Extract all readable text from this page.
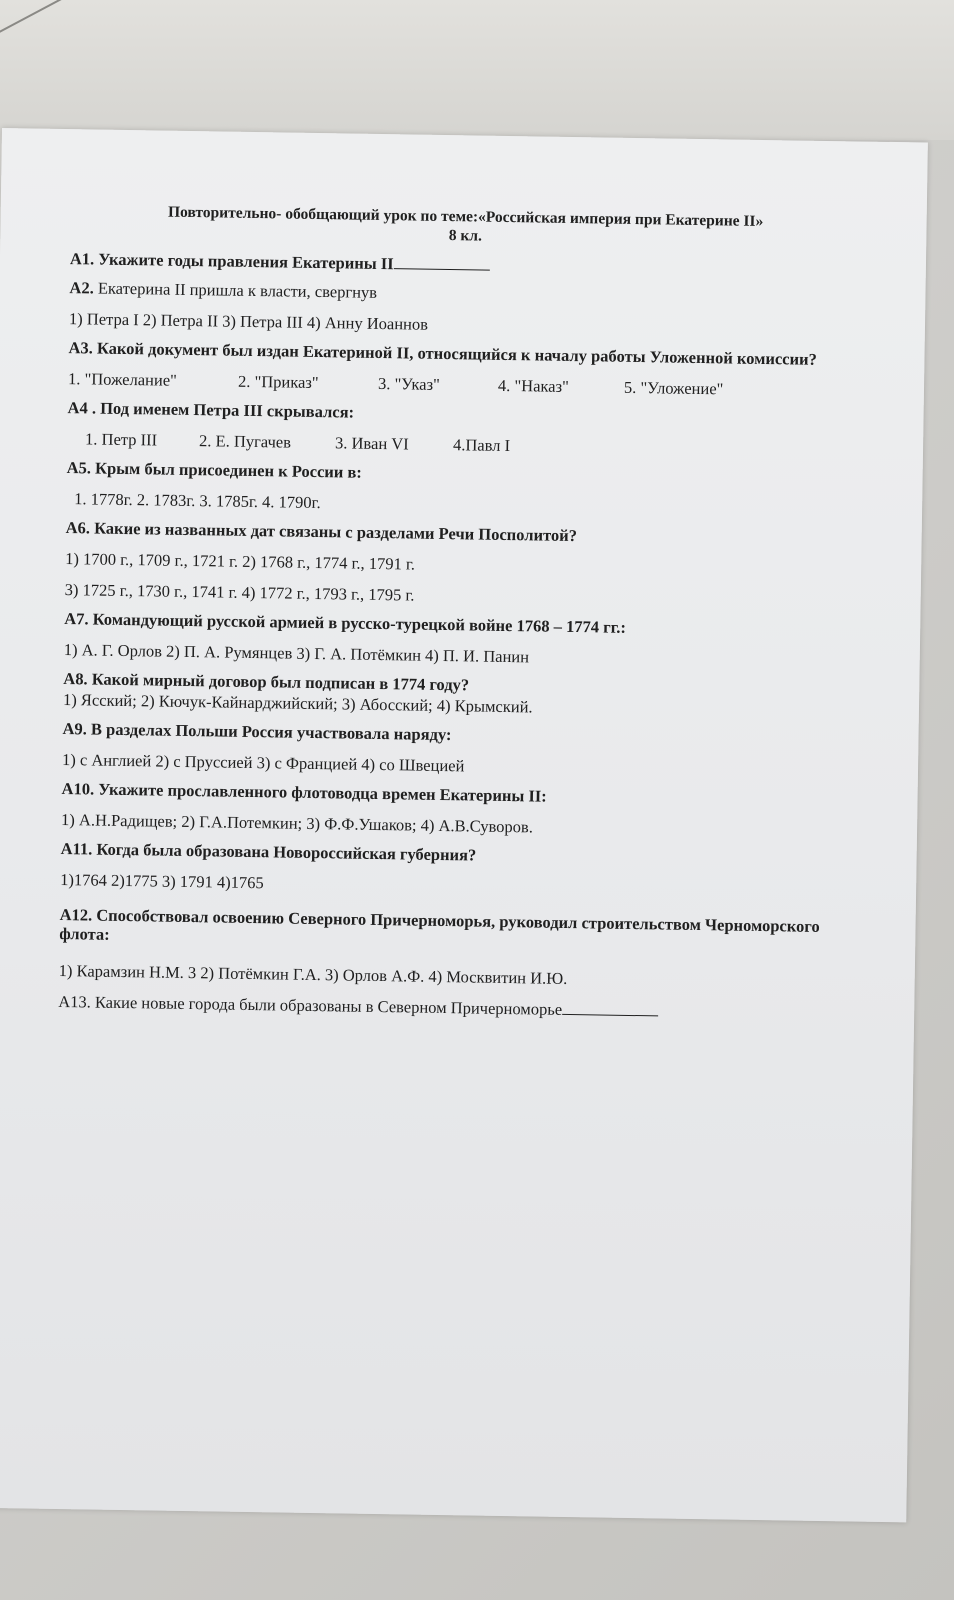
Повторительно- обобщающий урок по теме:«Российская империя при Екатерине II»
8 кл.
А1. Укажите годы правления Екатерины II
А2. Екатерина II пришла к власти, свергнув
1) Петра I 2) Петра II 3) Петра III 4) Анну Иоаннов
А3. Какой документ был издан Екатериной II, относящийся к началу работы Уложенной комиссии?
1. "Пожелание"	2. "Приказ"	3. "Указ"	4. "Наказ"	5. "Уложение"
А4 . Под именем Петра III скрывался:
1. Петр III	2. Е. Пугачев	3. Иван VI	4.Павл I
А5. Крым был присоединен к России в:
1. 1778г. 2. 1783г. 3. 1785г. 4. 1790г.
А6. Какие из названных дат связаны с разделами Речи Посполитой?
1) 1700 г., 1709 г., 1721 г. 2) 1768 г., 1774 г., 1791 г.
3) 1725 г., 1730 г., 1741 г. 4) 1772 г., 1793 г., 1795 г.
А7. Командующий русской армией в русско-турецкой войне 1768 – 1774 гг.:
1) А. Г. Орлов 2) П. А. Румянцев 3) Г. А. Потёмкин 4) П. И. Панин
А8. Какой мирный договор был подписан в 1774 году?
1) Ясский; 2) Кючук-Кайнарджийский; 3) Абосский; 4) Крымский.
А9. В разделах Польши Россия участвовала наряду:
1) с Англией 2) с Пруссией 3) с Францией 4) со Швецией
А10. Укажите прославленного флотоводца времен Екатерины II:
1) А.Н.Радищев; 2) Г.А.Потемкин; 3) Ф.Ф.Ушаков; 4) А.В.Суворов.
А11. Когда была образована Новороссийская губерния?
1)1764 2)1775 3) 1791 4)1765
А12. Способствовал освоению Северного Причерноморья, руководил строительством Черноморского флота:
1) Карамзин Н.М. 3 2) Потёмкин Г.А. 3) Орлов А.Ф. 4) Москвитин И.Ю.
А13. Какие новые города были образованы в Северном Причерноморье
